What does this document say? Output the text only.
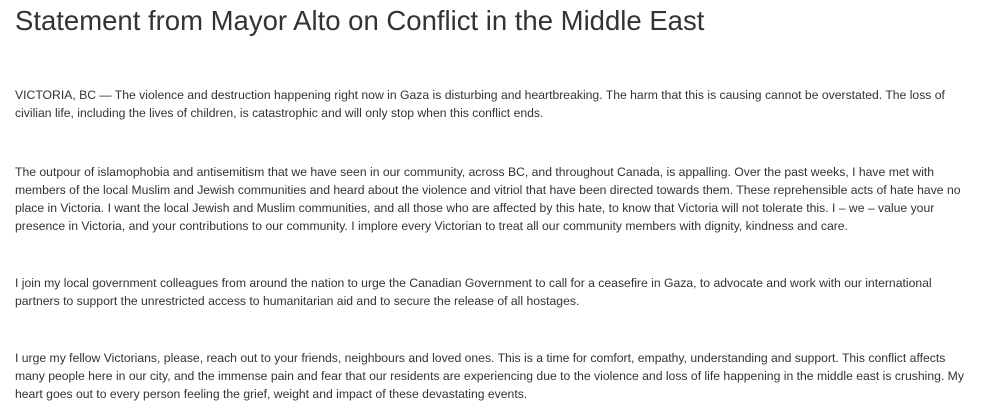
Statement from Mayor Alto on Conflict in the Middle East

VICTORIA, BC — The violence and destruction happening right now in Gaza is disturbing and heartbreaking. The harm that this is causing cannot be overstated. The loss of civilian life, including the lives of children, is catastrophic and will only stop when this conflict ends.

The outpour of islamophobia and antisemitism that we have seen in our community, across BC, and throughout Canada, is appalling. Over the past weeks, I have met with members of the local Muslim and Jewish communities and heard about the violence and vitriol that have been directed towards them. These reprehensible acts of hate have no place in Victoria. I want the local Jewish and Muslim communities, and all those who are affected by this hate, to know that Victoria will not tolerate this. I – we – value your presence in Victoria, and your contributions to our community. I implore every Victorian to treat all our community members with dignity, kindness and care.

I join my local government colleagues from around the nation to urge the Canadian Government to call for a ceasefire in Gaza, to advocate and work with our international partners to support the unrestricted access to humanitarian aid and to secure the release of all hostages.

I urge my fellow Victorians, please, reach out to your friends, neighbours and loved ones. This is a time for comfort, empathy, understanding and support. This conflict affects many people here in our city, and the immense pain and fear that our residents are experiencing due to the violence and loss of life happening in the middle east is crushing. My heart goes out to every person feeling the grief, weight and impact of these devastating events.
